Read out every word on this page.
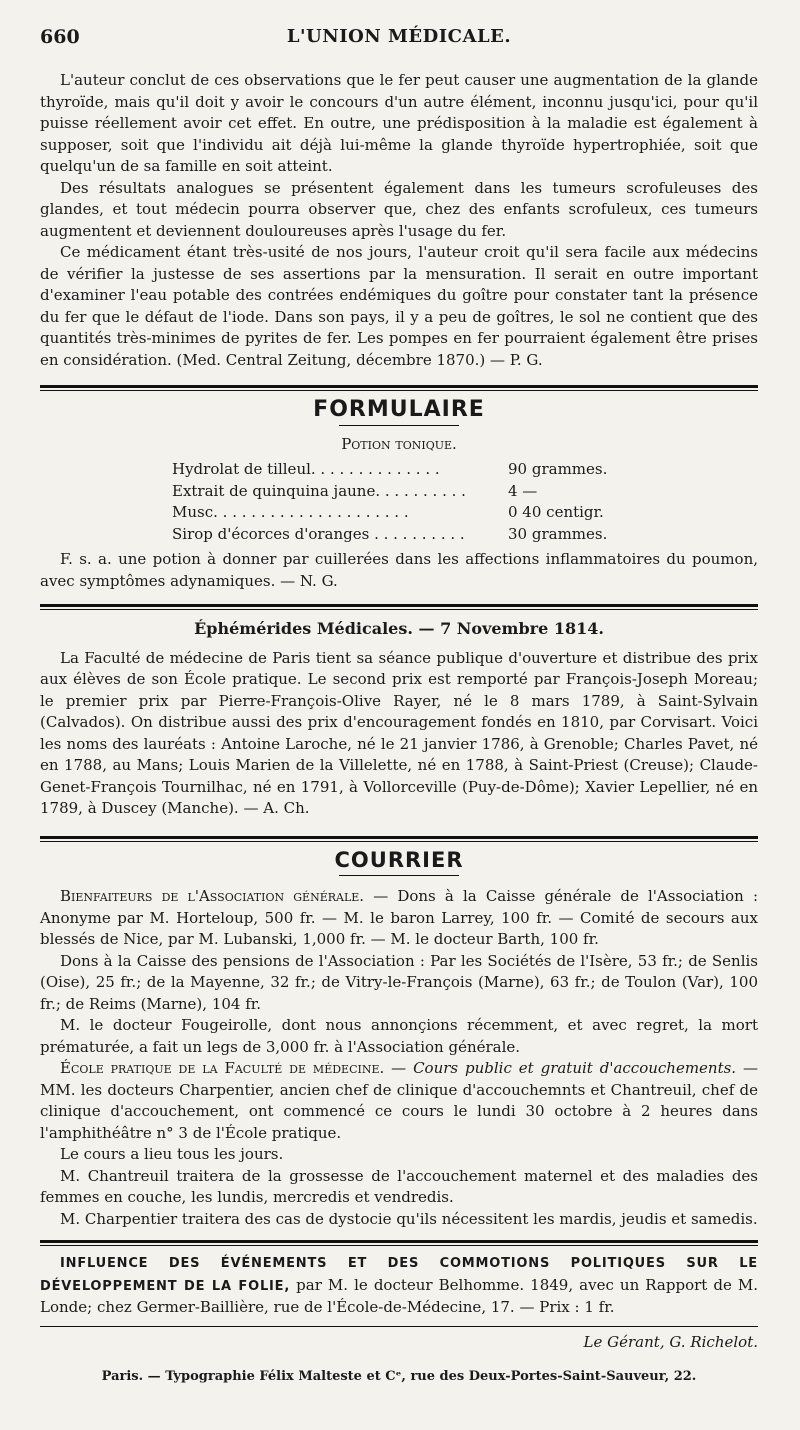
660	L'UNION MÉDICALE.

L'auteur conclut de ces observations que le fer peut causer une augmentation de la glande thyroïde, mais qu'il doit y avoir le concours d'un autre élément, inconnu jusqu'ici, pour qu'il puisse réellement avoir cet effet. En outre, une prédisposition à la maladie est également à supposer, soit que l'individu ait déjà lui-même la glande thyroïde hypertrophiée, soit que quelqu'un de sa famille en soit atteint.

Des résultats analogues se présentent également dans les tumeurs scrofuleuses des glandes, et tout médecin pourra observer que, chez des enfants scrofuleux, ces tumeurs augmentent et deviennent douloureuses après l'usage du fer.

Ce médicament étant très-usité de nos jours, l'auteur croit qu'il sera facile aux médecins de vérifier la justesse de ses assertions par la mensuration. Il serait en outre important d'examiner l'eau potable des contrées endémiques du goître pour constater tant la présence du fer que le défaut de l'iode. Dans son pays, il y a peu de goîtres, le sol ne contient que des quantités très-minimes de pyrites de fer. Les pompes en fer pourraient également être prises en considération. (Med. Central Zeitung, décembre 1870.) — P. G.

FORMULAIRE
Potion tonique.
Hydrolat de tilleul. . . . . . . . . . . . . .	90 grammes.
Extrait de quinquina jaune. . . . . . . . . .	4 —
Musc. . . . . . . . . . . . . . . . . . . . .	0 40 centigr.
Sirop d'écorces d'oranges . . . . . . . . . .	30 grammes.

F. s. a. une potion à donner par cuillerées dans les affections inflammatoires du poumon, avec symptômes adynamiques. — N. G.

Éphémérides Médicales. — 7 Novembre 1814.

La Faculté de médecine de Paris tient sa séance publique d'ouverture et distribue des prix aux élèves de son École pratique. Le second prix est remporté par François-Joseph Moreau; le premier prix par Pierre-François-Olive Rayer, né le 8 mars 1789, à Saint-Sylvain (Calvados). On distribue aussi des prix d'encouragement fondés en 1810, par Corvisart. Voici les noms des lauréats : Antoine Laroche, né le 21 janvier 1786, à Grenoble; Charles Pavet, né en 1788, au Mans; Louis Marien de la Villelette, né en 1788, à Saint-Priest (Creuse); Claude-Genet-François Tournilhac, né en 1791, à Vollorceville (Puy-de-Dôme); Xavier Lepellier, né en 1789, à Duscey (Manche). — A. Ch.

COURRIER

Bienfaiteurs de l'Association générale. — Dons à la Caisse générale de l'Association : Anonyme par M. Horteloup, 500 fr. — M. le baron Larrey, 100 fr. — Comité de secours aux blessés de Nice, par M. Lubanski, 1,000 fr. — M. le docteur Barth, 100 fr.

Dons à la Caisse des pensions de l'Association : Par les Sociétés de l'Isère, 53 fr.; de Senlis (Oise), 25 fr.; de la Mayenne, 32 fr.; de Vitry-le-François (Marne), 63 fr.; de Toulon (Var), 100 fr.; de Reims (Marne), 104 fr.

M. le docteur Fougeirolle, dont nous annonçions récemment, et avec regret, la mort prématurée, a fait un legs de 3,000 fr. à l'Association générale.

École pratique de la Faculté de médecine. — Cours public et gratuit d'accouchements. — MM. les docteurs Charpentier, ancien chef de clinique d'accouchemnts et Chantreuil, chef de clinique d'accouchement, ont commencé ce cours le lundi 30 octobre à 2 heures dans l'amphithéâtre n° 3 de l'École pratique.

Le cours a lieu tous les jours.

M. Chantreuil traitera de la grossesse de l'accouchement maternel et des maladies des femmes en couche, les lundis, mercredis et vendredis.

M. Charpentier traitera des cas de dystocie qu'ils nécessitent les mardis, jeudis et samedis.

INFLUENCE DES ÉVÉNEMENTS ET DES COMMOTIONS POLITIQUES SUR LE DÉVELOPPEMENT DE LA FOLIE, par M. le docteur Belhomme. 1849, avec un Rapport de M. Londe; chez Germer-Baillière, rue de l'École-de-Médecine, 17. — Prix : 1 fr.

Le Gérant, G. Richelot.
Paris. — Typographie Félix Malteste et Cᵉ, rue des Deux-Portes-Saint-Sauveur, 22.
